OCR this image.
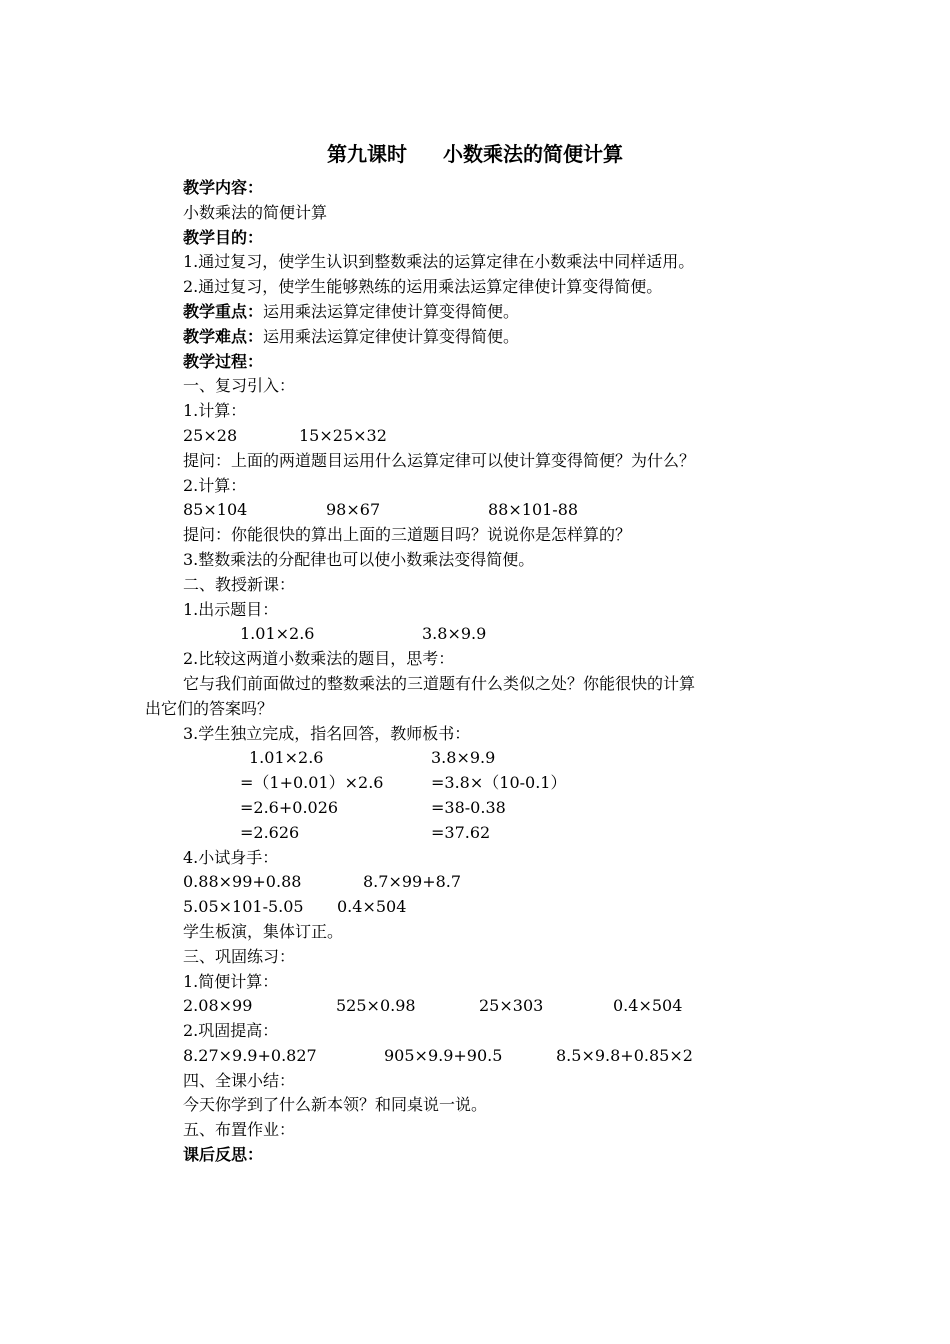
第九课时 小数乘法的简便计算
教学内容：
小数乘法的简便计算
教学目的：
1.通过复习，使学生认识到整数乘法的运算定律在小数乘法中同样适用。
2.通过复习，使学生能够熟练的运用乘法运算定律使计算变得简便。
教学重点：运用乘法运算定律使计算变得简便。
教学难点：运用乘法运算定律使计算变得简便。
教学过程：
一、复习引入：
1.计算：
25×28	15×25×32
提问：上面的两道题目运用什么运算定律可以使计算变得简便？为什么？
2.计算：
85×104	98×67	88×101-88
提问：你能很快的算出上面的三道题目吗？说说你是怎样算的？
3.整数乘法的分配律也可以使小数乘法变得简便。
二、教授新课：
1.出示题目：
1.01×2.6	3.8×9.9
2.比较这两道小数乘法的题目，思考：
它与我们前面做过的整数乘法的三道题有什么类似之处？你能很快的计算
出它们的答案吗？
3.学生独立完成，指名回答，教师板书：
1.01×2.6	3.8×9.9
=（1+0.01）×2.6	=3.8×（10-0.1）
=2.6+0.026	=38-0.38
=2.626	=37.62
4.小试身手：
0.88×99+0.88	8.7×99+8.7
5.05×101-5.05 0.4×504
学生板演，集体订正。
三、巩固练习：
1.简便计算：
2.08×99	525×0.98	25×303	0.4×504
2.巩固提高：
8.27×9.9+0.827	905×9.9+90.5	8.5×9.8+0.85×2
四、全课小结：
今天你学到了什么新本领？和同桌说一说。
五、布置作业：
课后反思：
